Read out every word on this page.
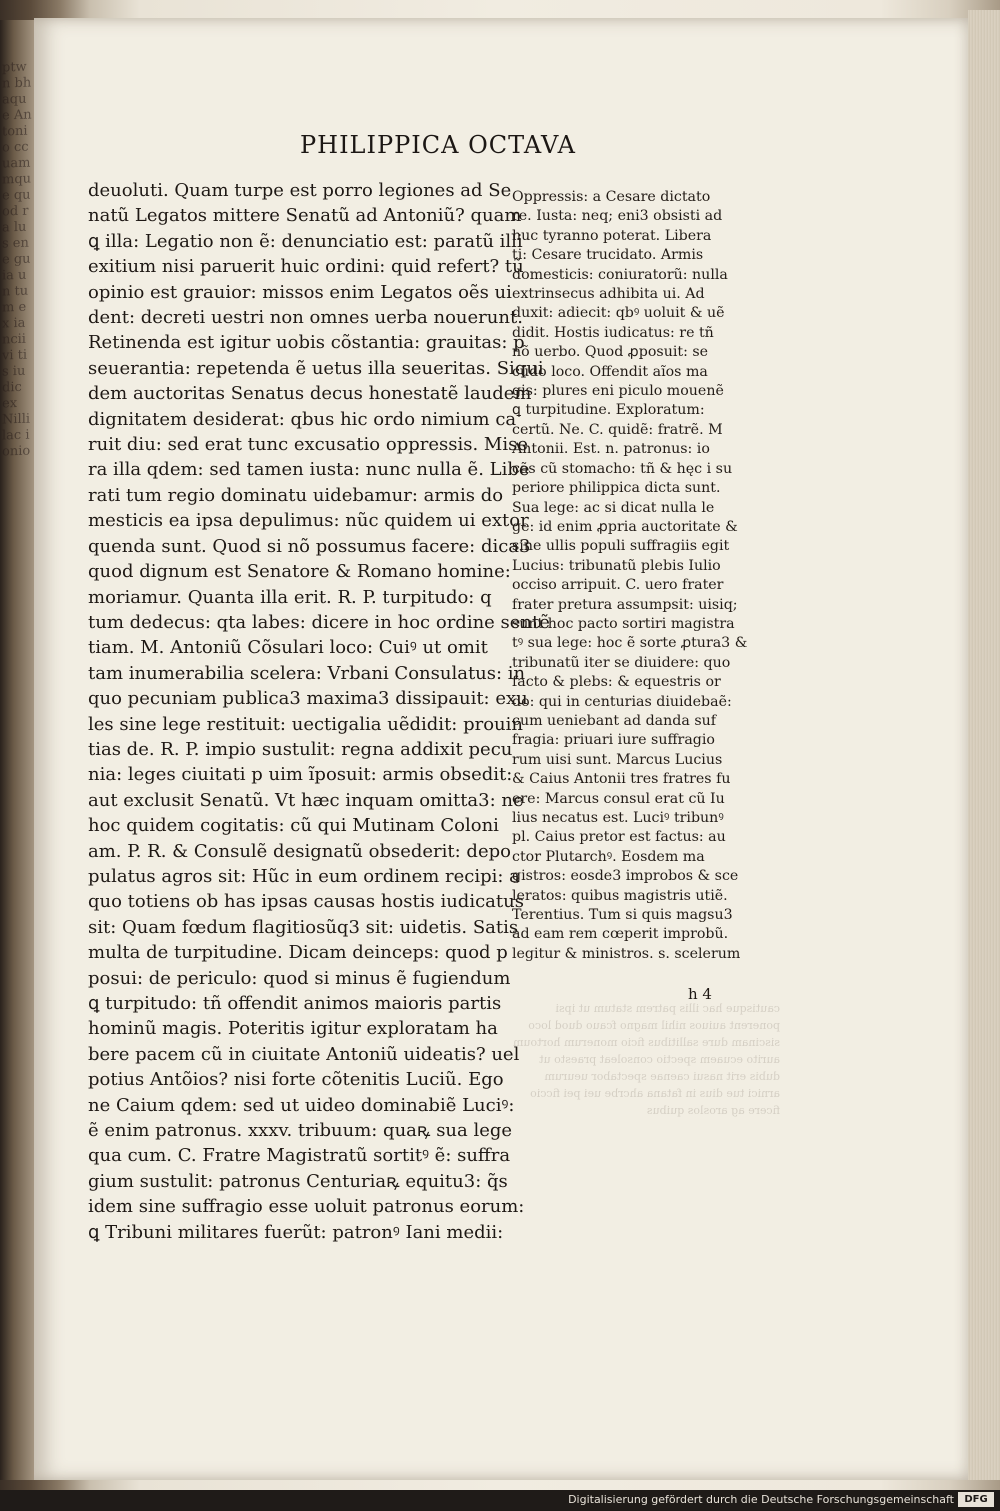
ptwn bhaque Antonio ccuam mque quod ra lus ene guia un tum ex ia ncii vi tis iudic ex Nilli lac ionio
PHILIPPICA OCTAVA
deuoluti. Quam turpe est porro legiones ad Se
natũ Legatos mittere Senatũ ad Antoniũ? quam
ꝗ illa: Legatio non ẽ: denunciatio est: paratũ illi
exitium nisi paruerit huic ordini: quid refert? tũ
opinio est grauior: missos enim Legatos oẽs ui
dent: decreti uestri non omnes uerba nouerunt.
Retinenda est igitur uobis cõstantia: grauitas: p
seuerantia: repetenda ẽ uetus illa seueritas. Siqui
dem auctoritas Senatus decus honestatẽ laudem
dignitatem desiderat: qbus hic ordo nimium ca
ruit diu: sed erat tunc excusatio oppressis. Mise
ra illa qdem: sed tamen iusta: nunc nulla ẽ. Libe
rati tum regio dominatu uidebamur: armis do
mesticis ea ipsa depulimus: nũc quidem ui extor
quenda sunt. Quod si nõ possumus facere: dica3
quod dignum est Senatore & Romano homine:
moriamur. Quanta illa erit. R. P. turpitudo: q
tum dedecus: qta labes: dicere in hoc ordine sentẽ
tiam. M. Antoniũ Cõsulari loco: Cuiꝰ ut omit
tam inumerabilia scelera: Vrbani Consulatus: in
quo pecuniam publica3 maxima3 dissipauit: exu
les sine lege restituit: uectigalia uẽdidit: prouin
tias de. R. P. impio sustulit: regna addixit pecu
nia: leges ciuitati p uim ĩposuit: armis obsedit:
aut exclusit Senatũ. Vt hæc inquam omitta3: ne
hoc quidem cogitatis: cũ qui Mutinam Coloni
am. P. R. & Consulẽ designatũ obsederit: depo
pulatus agros sit: Hũc in eum ordinem recipi: a
quo totiens ob has ipsas causas hostis iudicatus
sit: Quam fœdum flagitiosũq3 sit: uidetis. Satis
multa de turpitudine. Dicam deinceps: quod p
posui: de periculo: quod si minus ẽ fugiendum
ꝗ turpitudo: tñ offendit animos maioris partis
hominũ magis. Poteritis igitur exploratam ha
bere pacem cũ in ciuitate Antoniũ uideatis? uel
potius Antõios? nisi forte cõtenitis Luciũ. Ego
ne Caium qdem: sed ut uideo dominabiẽ Luciꝰ:
ẽ enim patronus. xxxv. tribuum: quaꝶ sua lege
qua cum. C. Fratre Magistratũ sortitꝰ ẽ: suffra
gium sustulit: patronus Centuriaꝶ equitu3: q̃s
idem sine suffragio esse uoluit patronus eorum:
ꝗ Tribuni militares fuerũt: patronꝰ Iani medii:
Oppressis: a Cesare dictato
re. Iusta: neq; eni3 obsisti ad
huc tyranno poterat. Libera
ti: Cesare trucidato. Armis
domesticis: coniuratorũ: nulla
extrinsecus adhibita ui. Ad
duxit: adiecit: qbꝰ uoluit & uẽ
didit. Hostis iudicatus: re tñ
nõ uerbo. Quod ꝓposuit: se
cũdo loco. Offendit aĩos ma
gis: plures eni piculo mouenẽ
ꝗ turpitudine. Exploratum:
certũ. Ne. C. quidẽ: fratrẽ. M
Antonii. Est. n. patronus: io
cãs cũ stomacho: tñ & hęc i su
periore philippica dicta sunt.
Sua lege: ac si dicat nulla le
ge: id enim ꝓpria auctoritate &
sine ullis populi suffragiis egit
Lucius: tribunatũ plebis Iulio
occiso arripuit. C. uero frater
frater pretura assumpsit: uisiq;
sunt hoc pacto sortiri magistra
tꝰ sua lege: hoc ẽ sorte ꝓtura3 &
tribunatũ iter se diuidere: quo
facto & plebs: & equestris or
do: qui in centurias diuidebaẽ:
cum ueniebant ad danda suf
fragia: priuari iure suffragio
rum uisi sunt. Marcus Lucius
& Caius Antonii tres fratres fu
ere: Marcus consul erat cũ Iu
lius necatus est. Luciꝰ tribunꝰ
pl. Caius pretor est factus: au
ctor Plutarchꝰ. Eosdem ma
gistros: eosde3 improbos & sce
leratos: quibus magistris utiẽ.
Terentius. Tum si quis magsu3
ad eam rem cœperit improbũ.
legitur & ministros. s. scelerum
h 4
cautisque hac illis patrem statum ut ipsi ponerent auiuos nihil magno fcauo duod loco siscinam dure sallitibus ficio monerum hortoum aurito ecuaem spectio consoleat praesto ut dubis erit nasui caenae spectabor ueurum arnici tue dius in fatana ahcrbe uei pei ficcio ficere ag aroslos quibus
Digitalisierung gefördert durch die Deutsche Forschungsgemeinschaft	DFG
